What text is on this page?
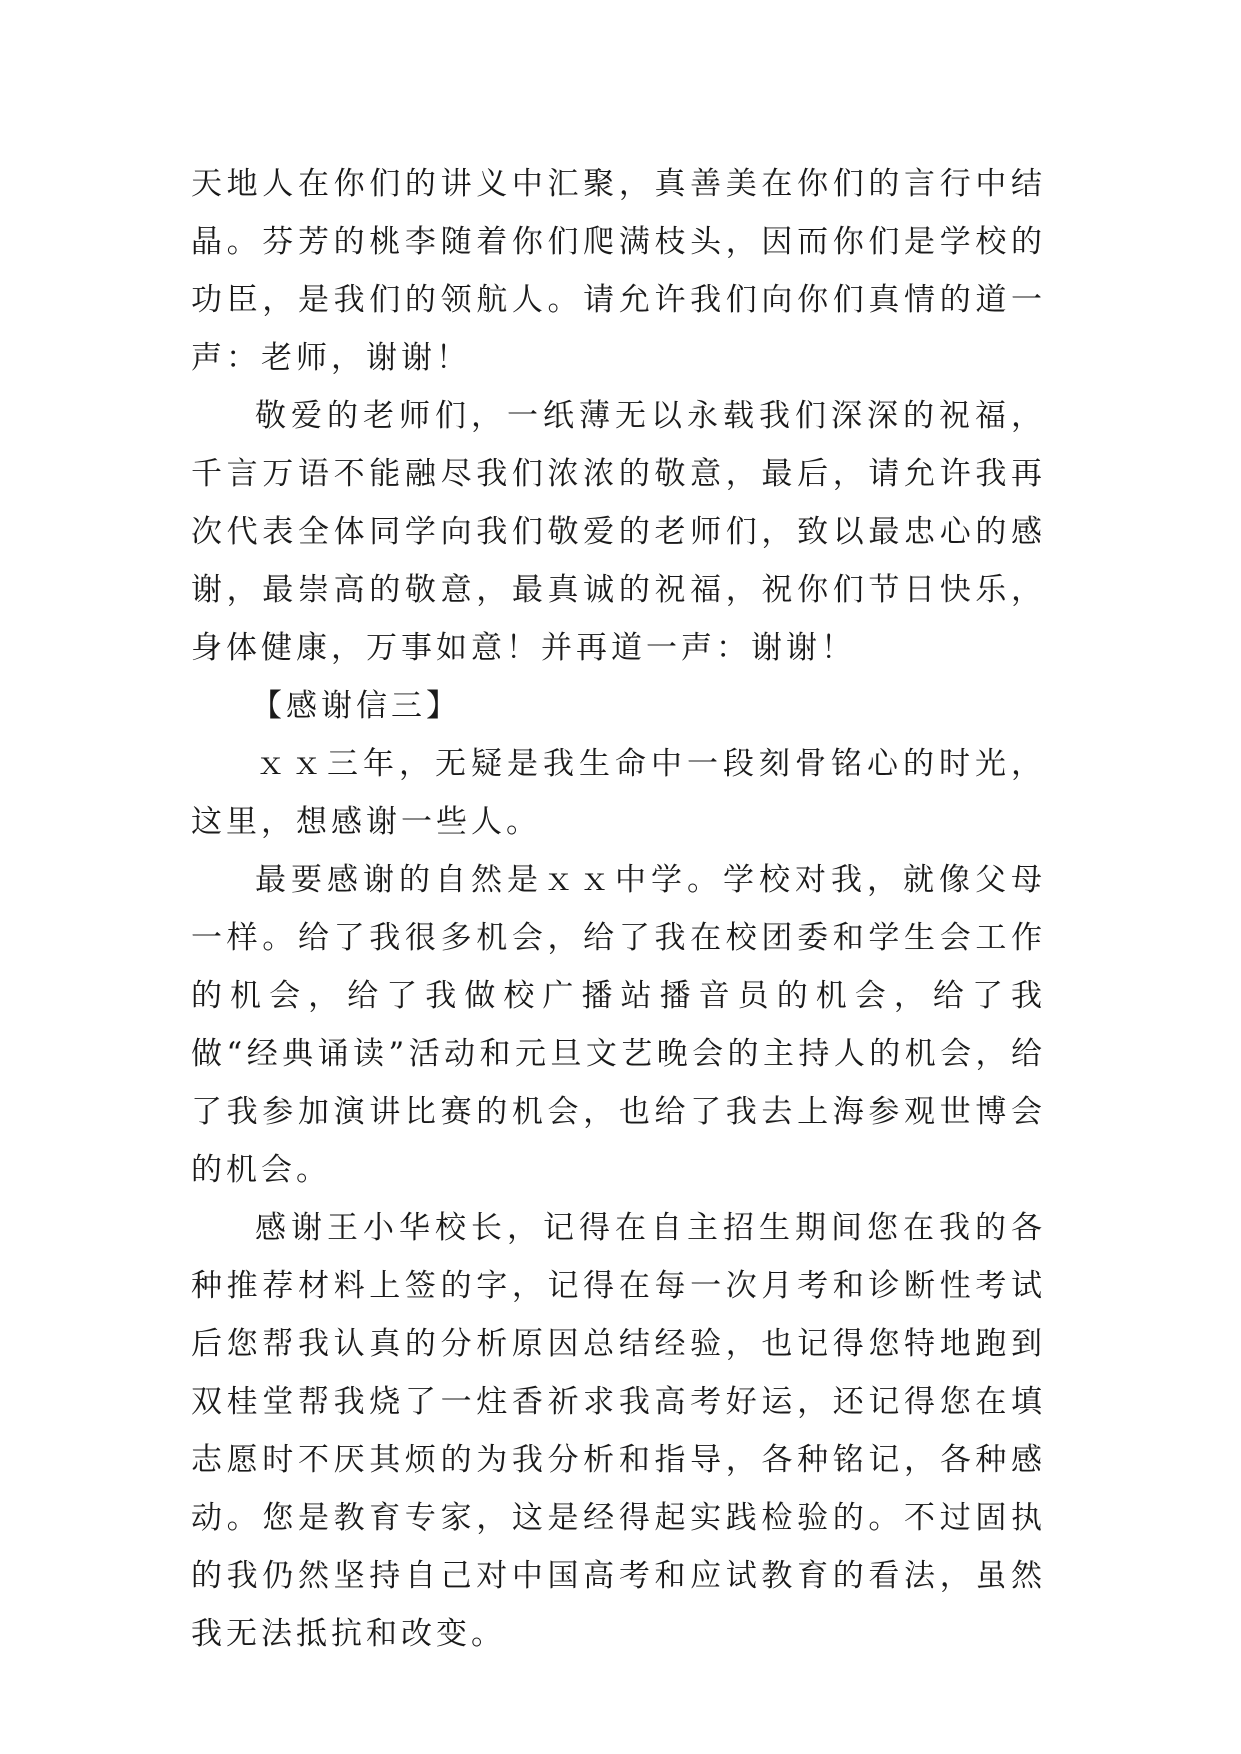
天地人在你们的讲义中汇聚，真善美在你们的言行中结晶。芬芳的桃李随着你们爬满枝头，因而你们是学校的功臣，是我们的领航人。请允许我们向你们真情的道一声：老师，谢谢！

敬爱的老师们，一纸薄无以永载我们深深的祝福，千言万语不能融尽我们浓浓的敬意，最后，请允许我再次代表全体同学向我们敬爱的老师们，致以最忠心的感谢，最崇高的敬意，最真诚的祝福，祝你们节日快乐，身体健康，万事如意！并再道一声：谢谢！

【感谢信三】

ｘｘ三年，无疑是我生命中一段刻骨铭心的时光，这里，想感谢一些人。

最要感谢的自然是ｘｘ中学。学校对我，就像父母一样。给了我很多机会，给了我在校团委和学生会工作的机会，给了我做校广播站播音员的机会，给了我做“经典诵读”活动和元旦文艺晚会的主持人的机会，给了我参加演讲比赛的机会，也给了我去上海参观世博会的机会。

感谢王小华校长，记得在自主招生期间您在我的各种推荐材料上签的字，记得在每一次月考和诊断性考试后您帮我认真的分析原因总结经验，也记得您特地跑到双桂堂帮我烧了一炷香祈求我高考好运，还记得您在填志愿时不厌其烦的为我分析和指导，各种铭记，各种感动。您是教育专家，这是经得起实践检验的。不过固执的我仍然坚持自己对中国高考和应试教育的看法，虽然我无法抵抗和改变。
